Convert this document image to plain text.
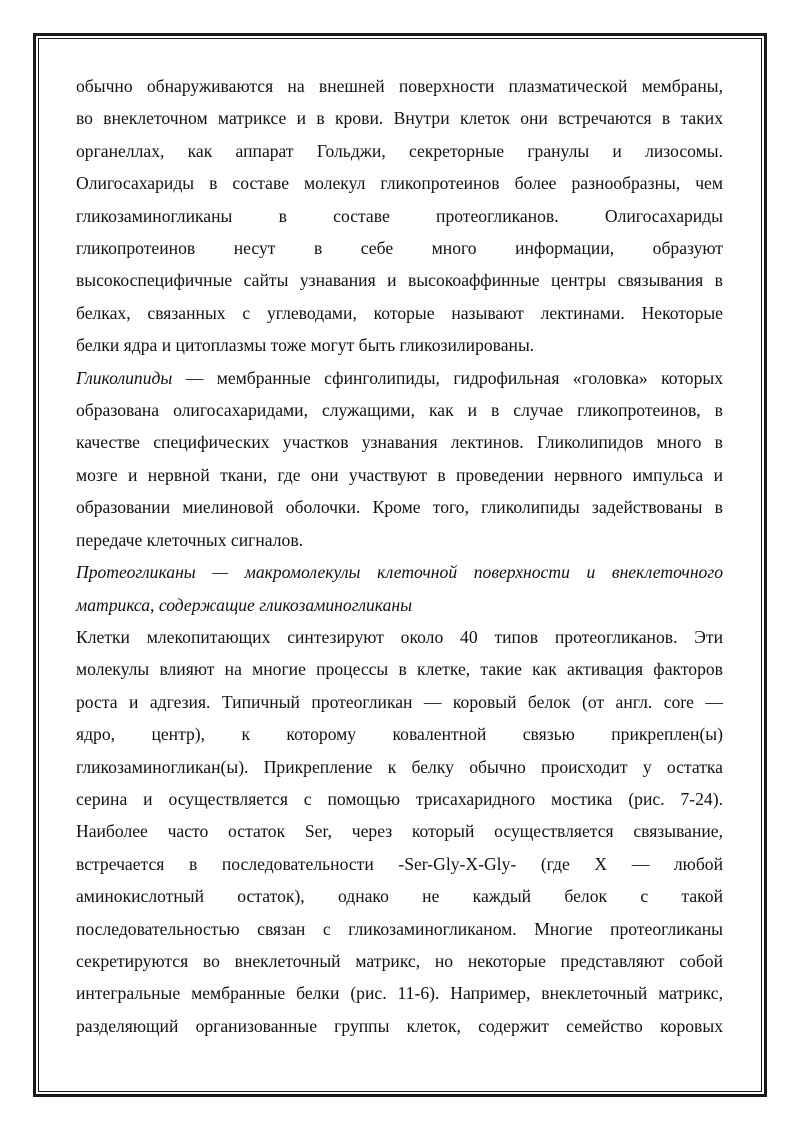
обычно обнаруживаются на внешней поверхности плазматической мембраны,
во внеклеточном матриксе и в крови. Внутри клеток они встречаются в таких
органеллах, как аппарат Гольджи, секреторные гранулы и лизосомы.
Олигосахариды в составе молекул гликопротеинов более разнообразны, чем
гликозаминогликаны в составе протеогликанов. Олигосахариды
гликопротеинов несут в себе много информации, образуют
высокоспецифичные сайты узнавания и высокоаффинные центры связывания в
белках, связанных с углеводами, которые называют лектинами. Некоторые
белки ядра и цитоплазмы тоже могут быть гликозилированы.

Гликолипиды — мембранные сфинголипиды, гидрофильная «головка» которых
образована олигосахаридами, служащими, как и в случае гликопротеинов, в
качестве специфических участков узнавания лектинов. Гликолипидов много в
мозге и нервной ткани, где они участвуют в проведении нервного импульса и
образовании миелиновой оболочки. Кроме того, гликолипиды задействованы в
передаче клеточных сигналов.

Протеогликаны — макромолекулы клеточной поверхности и внеклеточного
матрикса, содержащие гликозаминогликаны

Клетки млекопитающих синтезируют около 40 типов протеогликанов. Эти
молекулы влияют на многие процессы в клетке, такие как активация факторов
роста и адгезия. Типичный протеогликан — коровый белок (от англ. core —
ядро, центр), к которому ковалентной связью прикреплен(ы)
гликозаминогликан(ы). Прикрепление к белку обычно происходит у остатка
серина и осуществляется с помощью трисахаридного мостика (рис. 7-24).
Наиболее часто остаток Ser, через который осуществляется связывание,
встречается в последовательности -Ser-Gly-X-Gly- (где X — любой
аминокислотный остаток), однако не каждый белок с такой
последовательностью связан с гликозаминогликаном. Многие протеогликаны
секретируются во внеклеточный матрикс, но некоторые представляют собой
интегральные мембранные белки (рис. 11-6). Например, внеклеточный матрикс,
разделяющий организованные группы клеток, содержит семейство коровых
